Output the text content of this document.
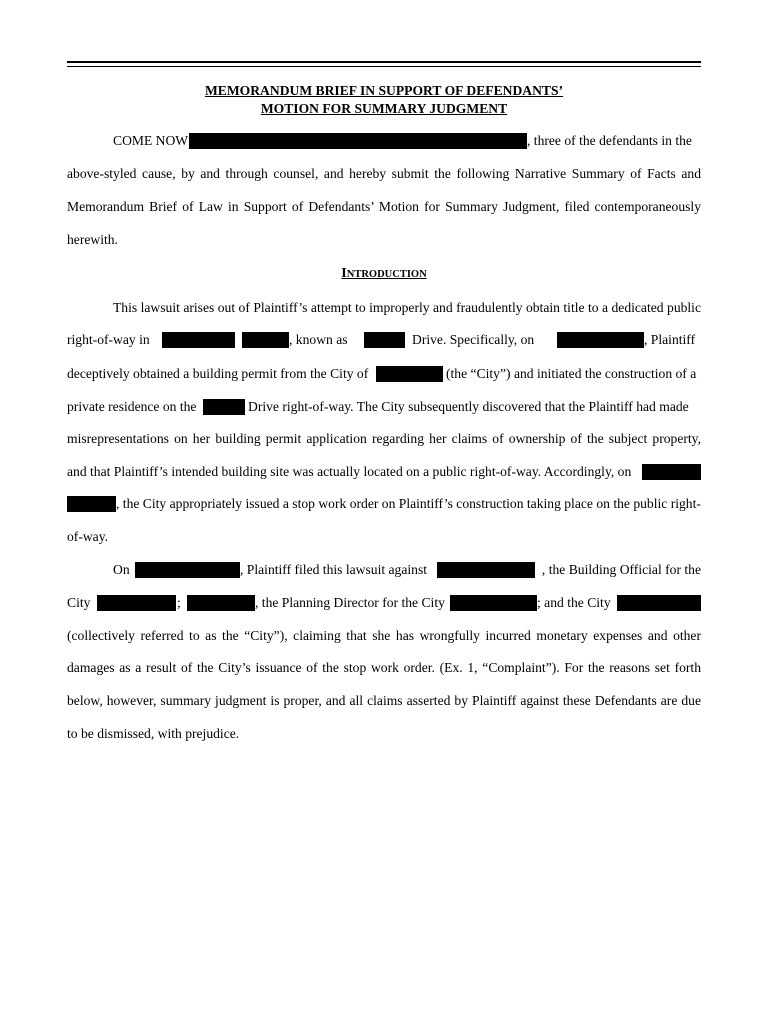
MEMORANDUM BRIEF IN SUPPORT OF DEFENDANTS’
MOTION FOR SUMMARY JUDGMENT
COME NOW	, three of the defendants in the
above-styled cause, by and through counsel, and hereby submit the following Narrative Summary of Facts and
Memorandum Brief of Law in Support of Defendants’ Motion for Summary Judgment, filed contemporaneously
herewith.
INTRODUCTION
This lawsuit arises out of Plaintiff’s attempt to improperly and fraudulently obtain title to a dedicated public
right-of-way in	, known as	Drive. Specifically, on	, Plaintiff
deceptively obtained a building permit from the City of	(the “City”) and initiated the construction of a
private residence on the	Drive right-of-way. The City subsequently discovered that the Plaintiff had made
misrepresentations on her building permit application regarding her claims of ownership of the subject property,
and that Plaintiff’s intended building site was actually located on a public right-of-way. Accordingly, on
, the City appropriately issued a stop work order on Plaintiff’s construction taking place on the public right-
of-way.
On	, Plaintiff filed this lawsuit against	, the Building Official for the
City	;	, the Planning Director for the City	; and the City
(collectively referred to as the “City”), claiming that she has wrongfully incurred monetary expenses and other
damages as a result of the City’s issuance of the stop work order. (Ex. 1, “Complaint”). For the reasons set forth
below, however, summary judgment is proper, and all claims asserted by Plaintiff against these Defendants are due
to be dismissed, with prejudice.
